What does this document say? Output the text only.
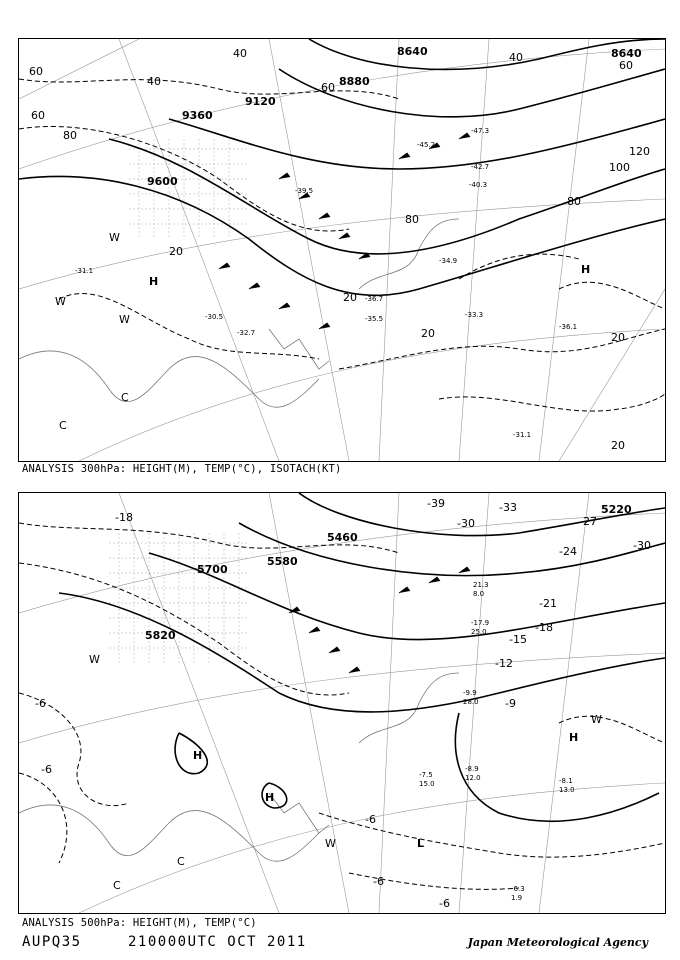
8640
8880
9120
9360
9600
8640
40
60
80
60
40
80
60
120
100
80
20
20
20	20
40
60
20
H
H
W
W
W
C
C
-33.3
-36.1
-31.1
-30.5
-32.7
-35.5
-47.3
-42.7
-40.3
-36.7
-34.9
-39.5
-45.2
-31.1
ANALYSIS 300hPa: HEIGHT(M), TEMP(°C), ISOTACH(KT)
5220
5460
5580
5700
5820
-39	-33
-30	-27
-24
-21
-18
-15
-12
-9
-6
-6
-6
-6
-6
-18
-30
H
H
H
L
W
W
W
C
C
-8.9
12.0	-8.1
13.0
-7.5
15.0
-6.3
1.9
21.3
8.0
-9.9
28.0
-17.9
25.0
ANALYSIS 500hPa: HEIGHT(M), TEMP(°C)
AUPQ35	210000UTC OCT 2011	Japan Meteorological Agency
